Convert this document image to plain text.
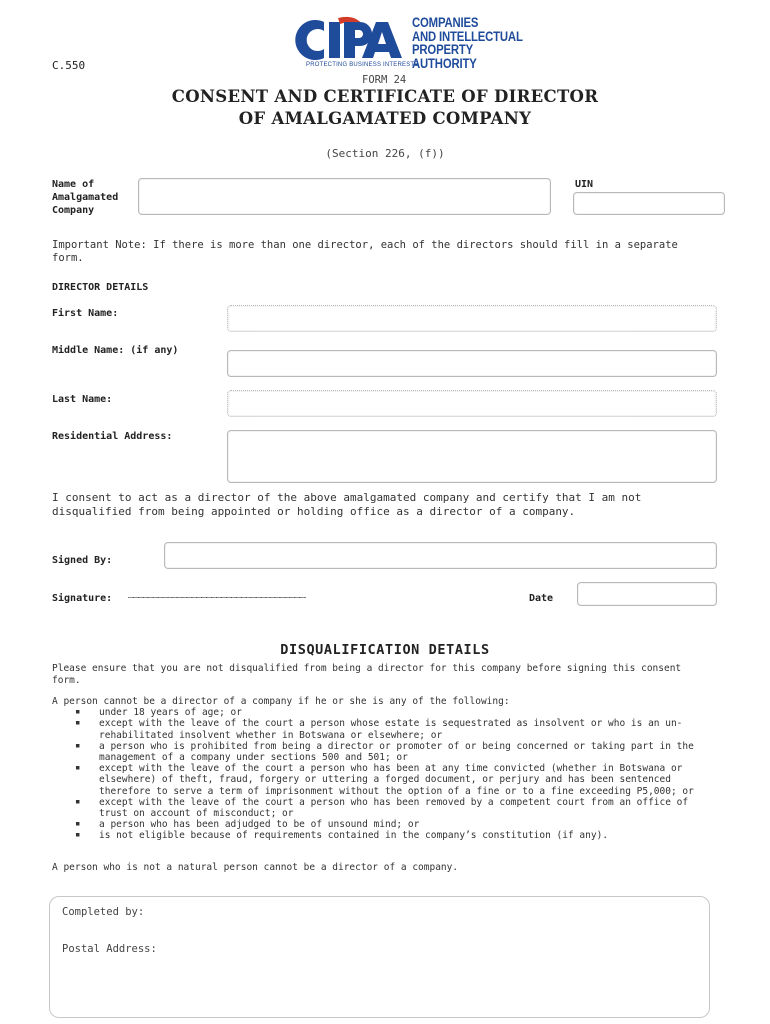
C.550
COMPANIES
AND INTELLECTUAL
PROPERTY AUTHORITY
PROTECTING BUSINESS INTERESTS
FORM 24
CONSENT AND CERTIFICATE OF DIRECTOR
OF AMALGAMATED COMPANY
(Section 226, (f))
Name of Amalgamated Company
UIN
Important Note: If there is more than one director, each of the directors should fill in a separate form.
DIRECTOR DETAILS
First Name:
Middle Name: (if any)
Last Name:
Residential Address:
I consent to act as a director of the above amalgamated company and certify that I am not disqualified from being appointed or holding office as a director of a company.
Signed By:
Signature:	………………………………………………………………………………………………………………………………………………………………………………………….	Date
DISQUALIFICATION DETAILS
Please ensure that you are not disqualified from being a director for this company before signing this consent form.
A person cannot be a director of a company if he or she is any of the following:
▪ under 18 years of age; or
▪ except with the leave of the court a person whose estate is sequestrated as insolvent or who is an un-rehabilitated insolvent whether in Botswana or elsewhere; or
▪ a person who is prohibited from being a director or promoter of or being concerned or taking part in the management of a company under sections 500 and 501; or
▪ except with the leave of the court a person who has been at any time convicted (whether in Botswana or elsewhere) of theft, fraud, forgery or uttering a forged document, or perjury and has been sentenced therefore to serve a term of imprisonment without the option of a fine or to a fine exceeding P5,000; or
▪ except with the leave of the court a person who has been removed by a competent court from an office of trust on account of misconduct; or
▪ a person who has been adjudged to be of unsound mind; or
▪ is not eligible because of requirements contained in the company’s constitution (if any).
A person who is not a natural person cannot be a director of a company.
Completed by:
Postal Address:
